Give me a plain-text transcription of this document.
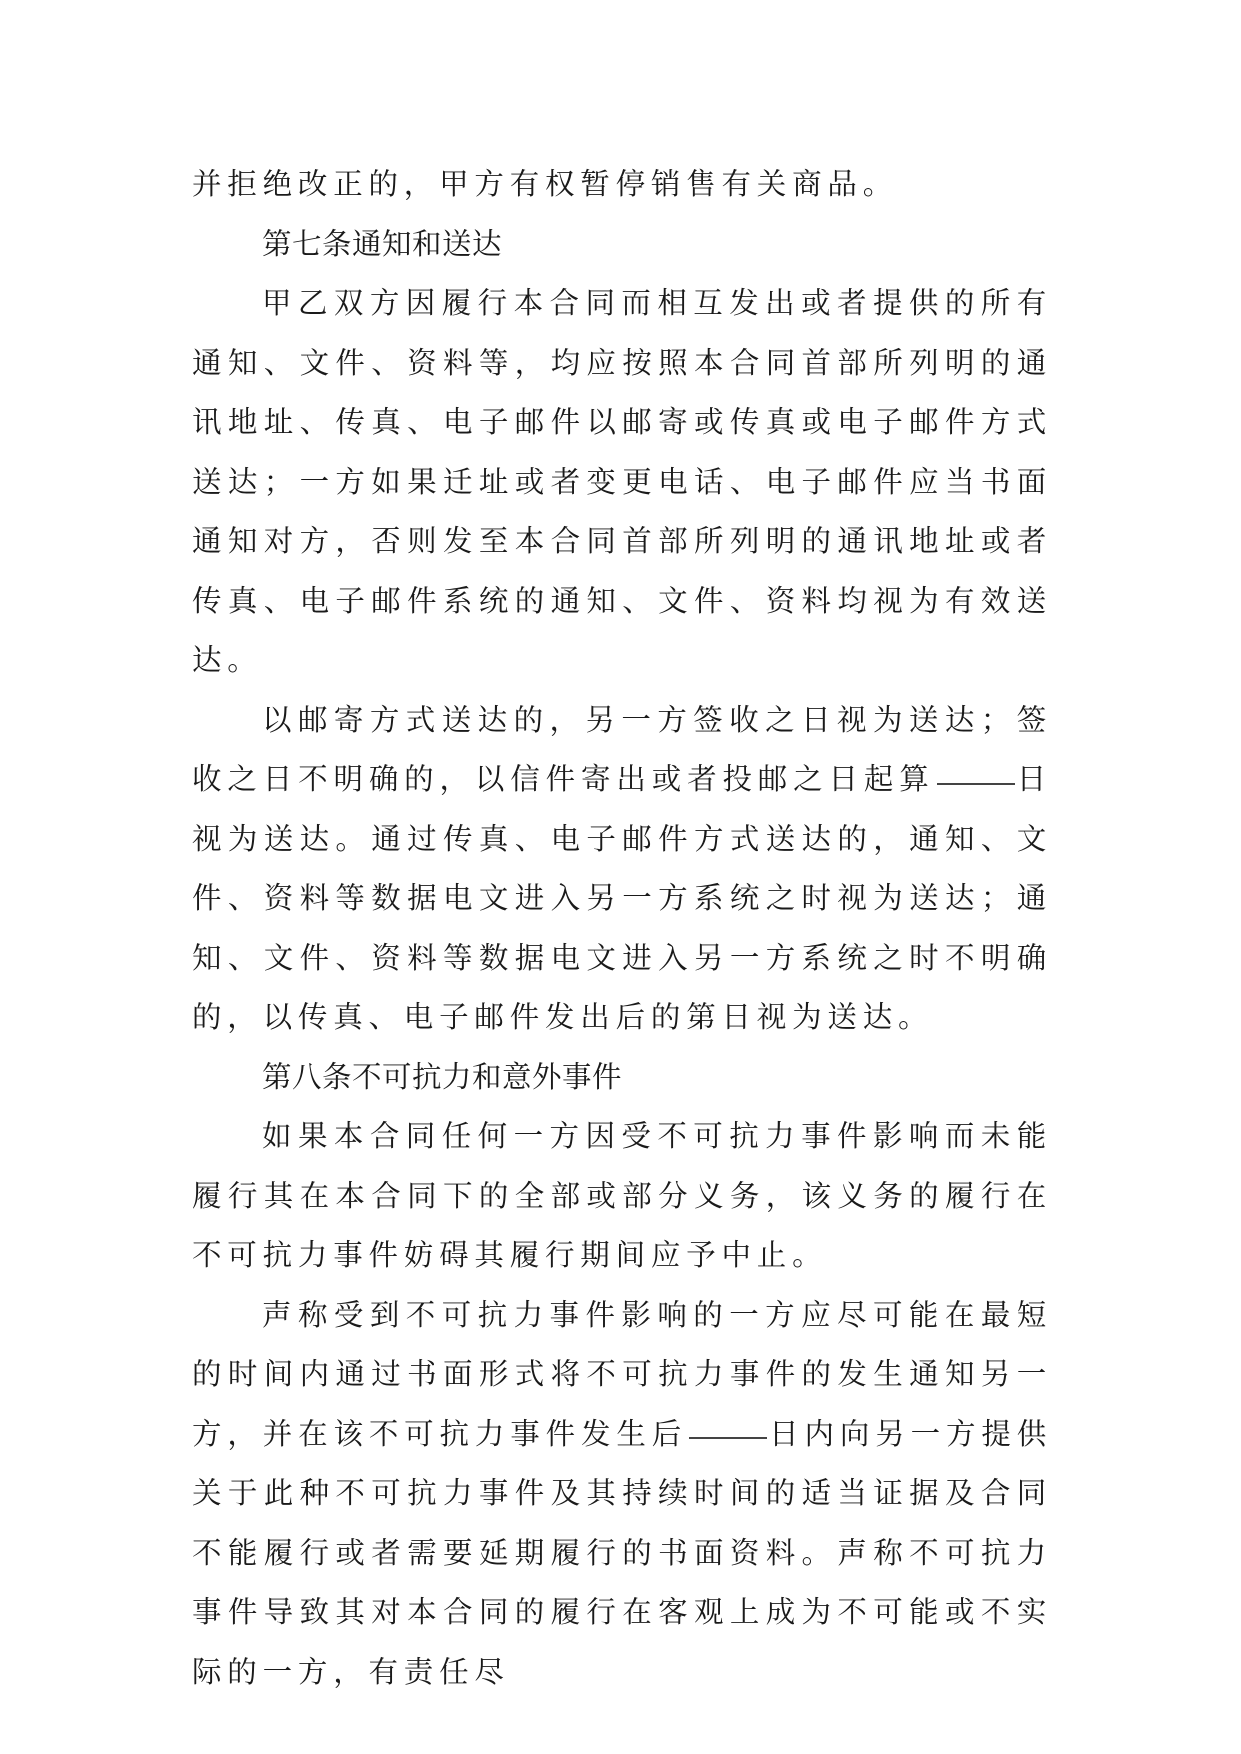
并拒绝改正的，甲方有权暂停销售有关商品。

第七条通知和送达

甲乙双方因履行本合同而相互发出或者提供的所有通知、文件、资料等，均应按照本合同首部所列明的通讯地址、传真、电子邮件以邮寄或传真或电子邮件方式送达；一方如果迁址或者变更电话、电子邮件应当书面通知对方，否则发至本合同首部所列明的通讯地址或者传真、电子邮件系统的通知、文件、资料均视为有效送达。

以邮寄方式送达的，另一方签收之日视为送达；签收之日不明确的，以信件寄出或者投邮之日起算	日视为送达。通过传真、电子邮件方式送达的，通知、文件、资料等数据电文进入另一方系统之时视为送达；通知、文件、资料等数据电文进入另一方系统之时不明确的，以传真、电子邮件发出后的第日视为送达。

第八条不可抗力和意外事件

如果本合同任何一方因受不可抗力事件影响而未能履行其在本合同下的全部或部分义务，该义务的履行在不可抗力事件妨碍其履行期间应予中止。

声称受到不可抗力事件影响的一方应尽可能在最短的时间内通过书面形式将不可抗力事件的发生通知另一方，并在该不可抗力事件发生后	日内向另一方提供关于此种不可抗力事件及其持续时间的适当证据及合同不能履行或者需要延期履行的书面资料。声称不可抗力事件导致其对本合同的履行在客观上成为不可能或不实际的一方，有责任尽
